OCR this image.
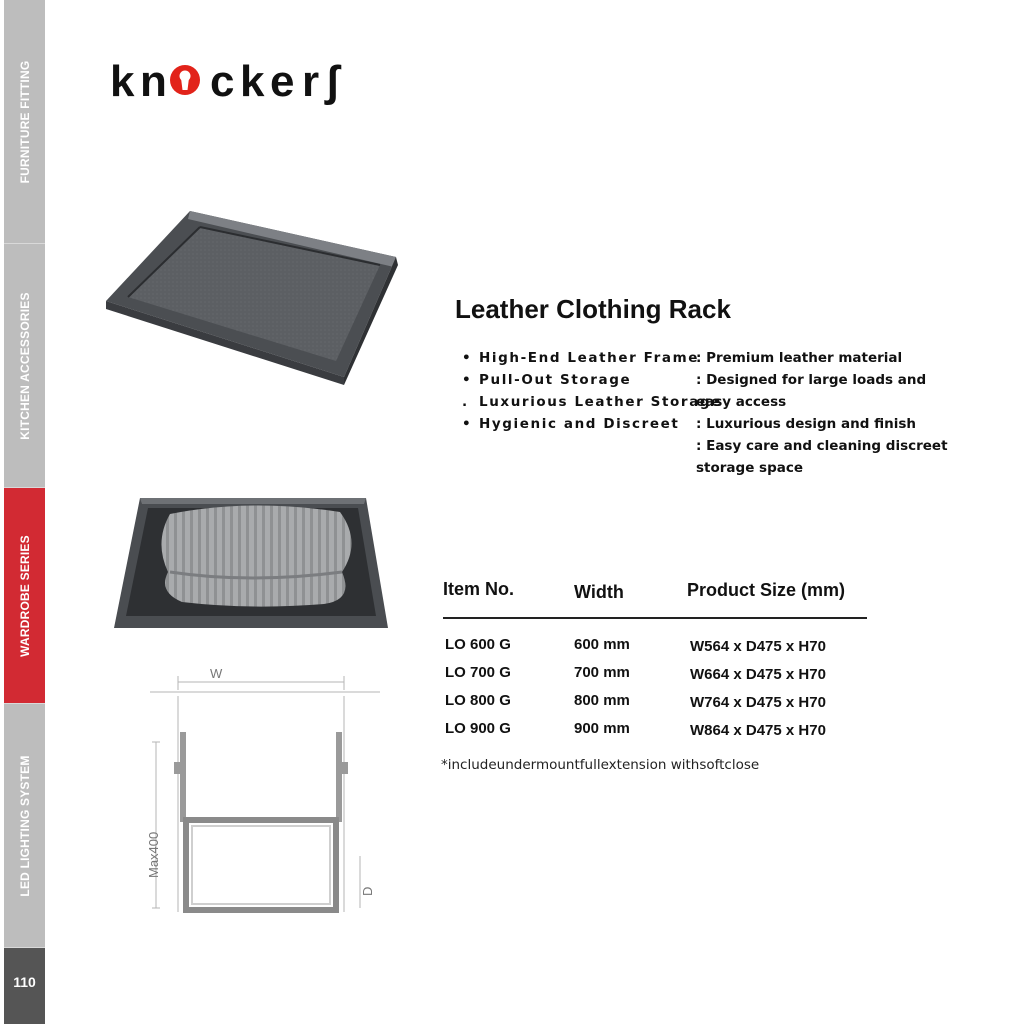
FURNITURE FITTING
KITCHEN ACCESSORIES
WARDROBE SERIES
LED LIGHTING SYSTEM
110
k n c k e r ʃ
W
Max400
D
Leather Clothing Rack
• High-End Leather Frame
: Premium leather material
• Pull-Out Storage	: Designed for large loads and
. Luxurious Leather Storage
easy access
• Hygienic and Discreet : Luxurious design and finish
: Easy care and cleaning discreet
storage space
Item No.	Width	Product Size (mm)
LO 600 G	600 mm	W564 x D475 x H70
LO 700 G	700 mm	W664 x D475 x H70
LO 800 G	800 mm	W764 x D475 x H70
LO 900 G	900 mm	W864 x D475 x H70
*includeundermountfullextension withsoftclose
